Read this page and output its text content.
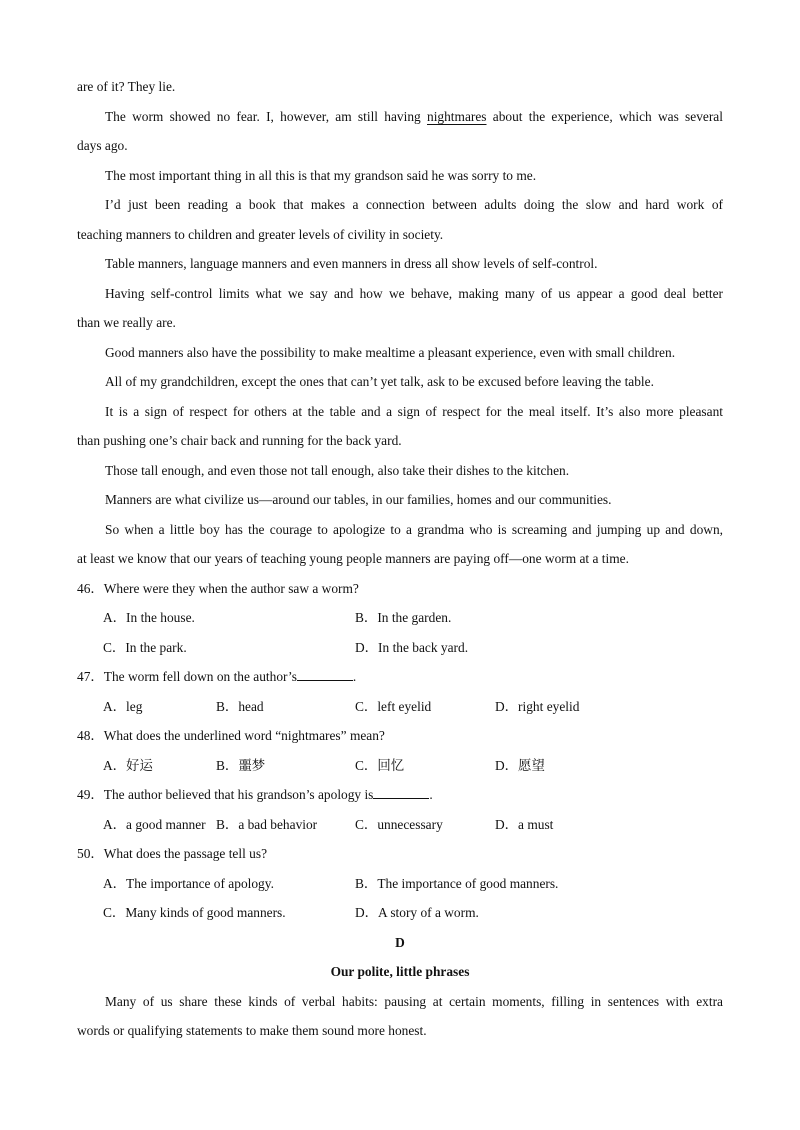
are of it? They lie.
The worm showed no fear. I, however, am still having nightmares about the experience, which was several
days ago.
The most important thing in all this is that my grandson said he was sorry to me.
I’d just been reading a book that makes a connection between adults doing the slow and hard work of
teaching manners to children and greater levels of civility in society.
Table manners, language manners and even manners in dress all show levels of self-control.
Having self-control limits what we say and how we behave, making many of us appear a good deal better
than we really are.
Good manners also have the possibility to make mealtime a pleasant experience, even with small children.
All of my grandchildren, except the ones that can’t yet talk, ask to be excused before leaving the table.
It is a sign of respect for others at the table and a sign of respect for the meal itself. It’s also more pleasant
than pushing one’s chair back and running for the back yard.
Those tall enough, and even those not tall enough, also take their dishes to the kitchen.
Manners are what civilize us—around our tables, in our families, homes and our communities.
So when a little boy has the courage to apologize to a grandma who is screaming and jumping up and down,
at least we know that our years of teaching young people manners are paying off—one worm at a time.
46．Where were they when the author saw a worm?
A．In the house.	B．In the garden.
C．In the park.	D．In the back yard.
47．The worm fell down on the author’s	.
A．leg	B．head	C．left eyelid	D．right eyelid
48．What does the underlined word “nightmares” mean?
A．好运	B．噩梦	C．回忆	D．愿望
49．The author believed that his grandson’s apology is	.
A．a good manner B．a bad behavior	C．unnecessary	D．a must
50．What does the passage tell us?
A．The importance of apology.	B．The importance of good manners.
C．Many kinds of good manners.	D．A story of a worm.
D
Our polite, little phrases
Many of us share these kinds of verbal habits: pausing at certain moments, filling in sentences with extra
words or qualifying statements to make them sound more honest.
